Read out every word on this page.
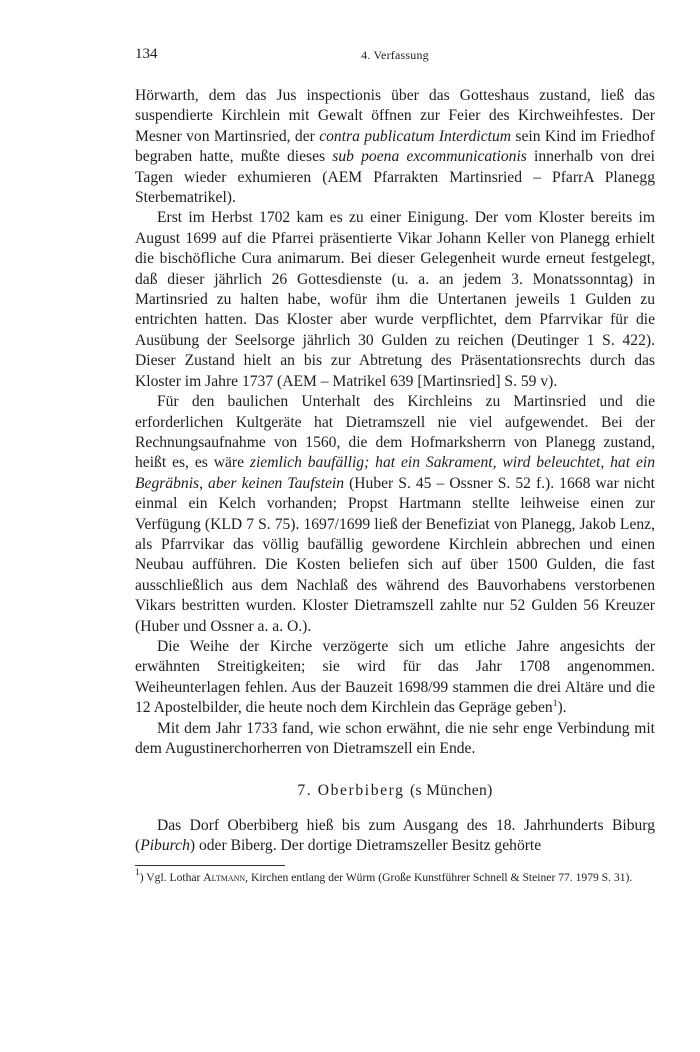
134	4. Verfassung

Hörwarth, dem das Jus inspectionis über das Gotteshaus zustand, ließ das suspendierte Kirchlein mit Gewalt öffnen zur Feier des Kirchweihfestes. Der Mesner von Martinsried, der contra publicatum Interdictum sein Kind im Friedhof begraben hatte, mußte dieses sub poena excommunicationis innerhalb von drei Tagen wieder exhumieren (AEM Pfarrakten Martinsried – PfarrA Planegg Sterbematrikel).

Erst im Herbst 1702 kam es zu einer Einigung. Der vom Kloster bereits im August 1699 auf die Pfarrei präsentierte Vikar Johann Keller von Planegg erhielt die bischöfliche Cura animarum. Bei dieser Gelegenheit wurde erneut festgelegt, daß dieser jährlich 26 Gottesdienste (u. a. an jedem 3. Monatssonntag) in Martinsried zu halten habe, wofür ihm die Untertanen jeweils 1 Gulden zu entrichten hatten. Das Kloster aber wurde verpflichtet, dem Pfarrvikar für die Ausübung der Seelsorge jährlich 30 Gulden zu reichen (Deutinger 1 S. 422). Dieser Zustand hielt an bis zur Abtretung des Präsentationsrechts durch das Kloster im Jahre 1737 (AEM – Matrikel 639 [Martinsried] S. 59 v).

Für den baulichen Unterhalt des Kirchleins zu Martinsried und die erforderlichen Kultgeräte hat Dietramszell nie viel aufgewendet. Bei der Rechnungsaufnahme von 1560, die dem Hofmarksherrn von Planegg zustand, heißt es, es wäre ziemlich baufällig; hat ein Sakrament, wird beleuchtet, hat ein Begräbnis, aber keinen Taufstein (Huber S. 45 – Ossner S. 52 f.). 1668 war nicht einmal ein Kelch vorhanden; Propst Hartmann stellte leihweise einen zur Verfügung (KLD 7 S. 75). 1697/1699 ließ der Benefiziat von Planegg, Jakob Lenz, als Pfarrvikar das völlig baufällig gewordene Kirchlein abbrechen und einen Neubau aufführen. Die Kosten beliefen sich auf über 1500 Gulden, die fast ausschließlich aus dem Nachlaß des während des Bauvorhabens verstorbenen Vikars bestritten wurden. Kloster Dietramszell zahlte nur 52 Gulden 56 Kreuzer (Huber und Ossner a. a. O.).

Die Weihe der Kirche verzögerte sich um etliche Jahre angesichts der erwähnten Streitigkeiten; sie wird für das Jahr 1708 angenommen. Weiheunterlagen fehlen. Aus der Bauzeit 1698/99 stammen die drei Altäre und die 12 Apostelbilder, die heute noch dem Kirchlein das Gepräge geben$^1$).

Mit dem Jahr 1733 fand, wie schon erwähnt, die nie sehr enge Verbindung mit dem Augustinerchorherren von Dietramszell ein Ende.

7. Oberbiberg (s München)

Das Dorf Oberbiberg hieß bis zum Ausgang des 18. Jahrhunderts Biburg (Piburch) oder Biberg. Der dortige Dietramszeller Besitz gehörte

$^1$) Vgl. Lothar Altmann, Kirchen entlang der Würm (Große Kunstführer Schnell & Steiner 77. 1979 S. 31).
